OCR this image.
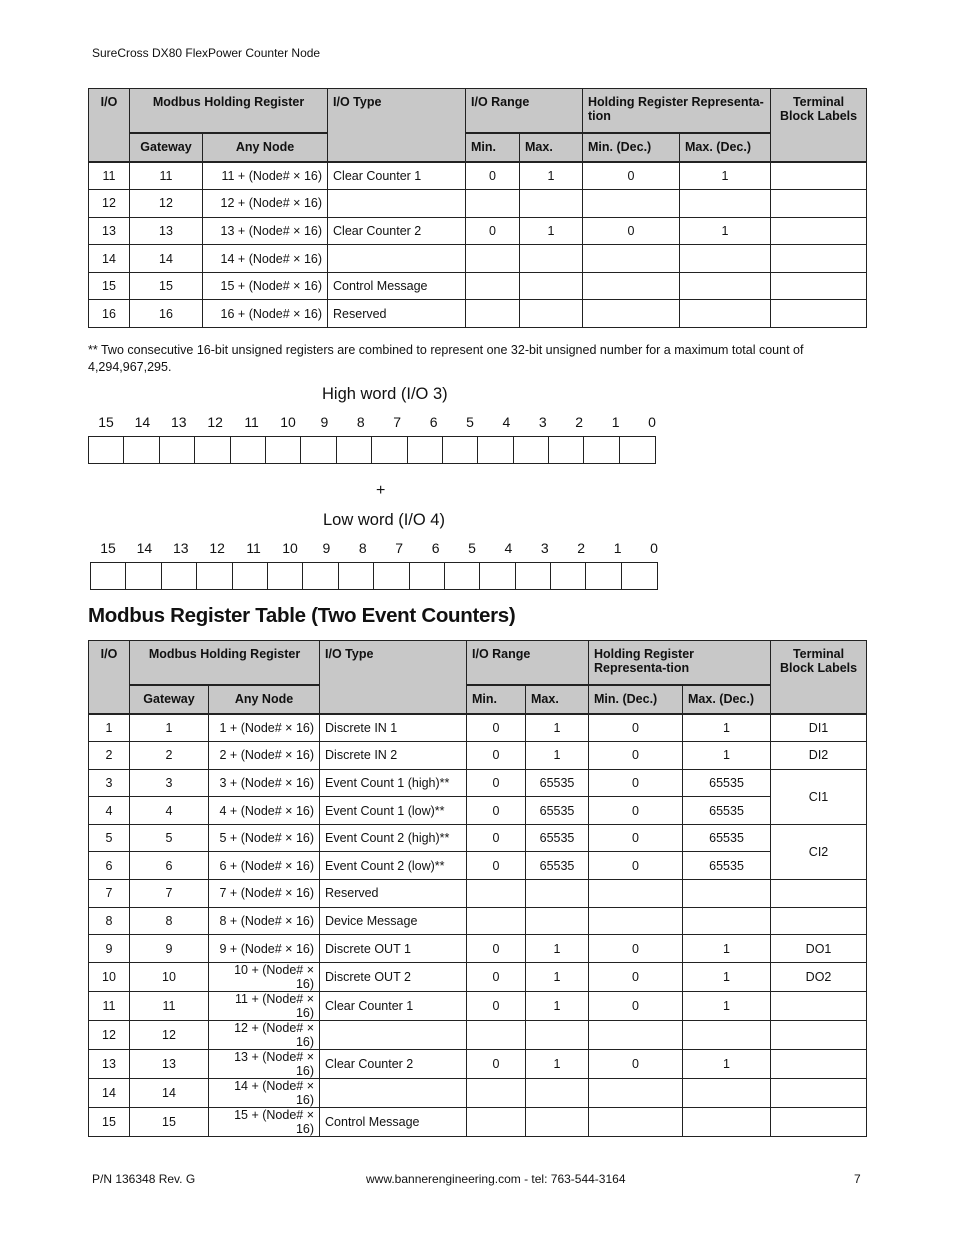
SureCross DX80 FlexPower Counter Node
I/O	Modbus Holding Register		I/O Type	I/O Range		Holding Register Representa-tion		Terminal Block Labels
	Gateway	Any Node		Min.	Max.	Min. (Dec.)	Max. (Dec.)	
11	11	11 + (Node# × 16)	Clear Counter 1	0	1	0	1	
12	12	12 + (Node# × 16)						
13	13	13 + (Node# × 16)	Clear Counter 2	0	1	0	1	
14	14	14 + (Node# × 16)						
15	15	15 + (Node# × 16)	Control Message					
16	16	16 + (Node# × 16)	Reserved					
** Two consecutive 16-bit unsigned registers are combined to represent one 32-bit unsigned number for a maximum total count of 4,294,967,295.
High word (I/O 3)
15	14	13	12	11	10	9	8	7	6	5	4	3	2	1	0
+
Low word (I/O 4)
15	14	13	12	11	10	9	8	7	6	5	4	3	2	1	0
Modbus Register Table (Two Event Counters)
I/O	Modbus Holding Register		I/O Type	I/O Range		Holding Register Representa-tion		Terminal Block Labels
	Gateway	Any Node		Min.	Max.	Min. (Dec.)	Max. (Dec.)	
1	1	1 + (Node# × 16)	Discrete IN 1	0	1	0	1	DI1
2	2	2 + (Node# × 16)	Discrete IN 2	0	1	0	1	DI2
3	3	3 + (Node# × 16)	Event Count 1 (high)**	0	65535	0	65535	CI1
4	4	4 + (Node# × 16)	Event Count 1 (low)**	0	65535	0	65535	
5	5	5 + (Node# × 16)	Event Count 2 (high)**	0	65535	0	65535	CI2
6	6	6 + (Node# × 16)	Event Count 2 (low)**	0	65535	0	65535	
7	7	7 + (Node# × 16)	Reserved					
8	8	8 + (Node# × 16)	Device Message					
9	9	9 + (Node# × 16)	Discrete OUT 1	0	1	0	1	DO1
10	10	10 + (Node# × 16)	Discrete OUT 2	0	1	0	1	DO2
11	11	11 + (Node# × 16)	Clear Counter 1	0	1	0	1	
12	12	12 + (Node# × 16)						
13	13	13 + (Node# × 16)	Clear Counter 2	0	1	0	1	
14	14	14 + (Node# × 16)						
15	15	15 + (Node# × 16)	Control Message					
P/N 136348 Rev. G	www.bannerengineering.com - tel: 763-544-3164	7
